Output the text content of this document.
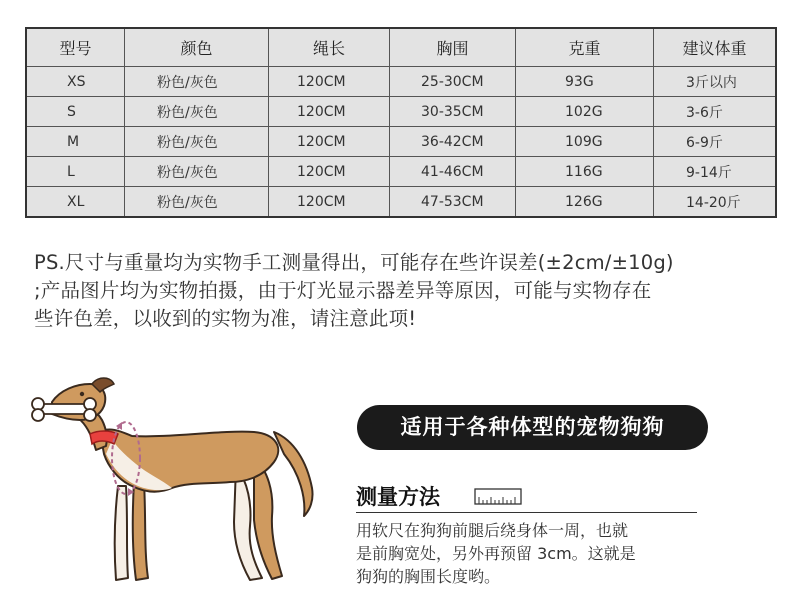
型号	颜色	绳长	胸围	克重	建议体重
XS	粉色/灰色	120CM	25-30CM	93G	3斤以内
S	粉色/灰色	120CM	30-35CM	102G	3-6斤
M	粉色/灰色	120CM	36-42CM	109G	6-9斤
L	粉色/灰色	120CM	41-46CM	116G	9-14斤
XL	粉色/灰色	120CM	47-53CM	126G	14-20斤
PS.尺寸与重量均为实物手工测量得出，可能存在些许误差(±2cm/±10g)
;产品图片均为实物拍摄，由于灯光显示器差异等原因，可能与实物存在
些许色差，以收到的实物为准，请注意此项!
适用于各种体型的宠物狗狗
测量方法
用软尺在狗狗前腿后绕身体一周，也就
是前胸宽处，另外再预留 3cm。这就是
狗狗的胸围长度哟。
